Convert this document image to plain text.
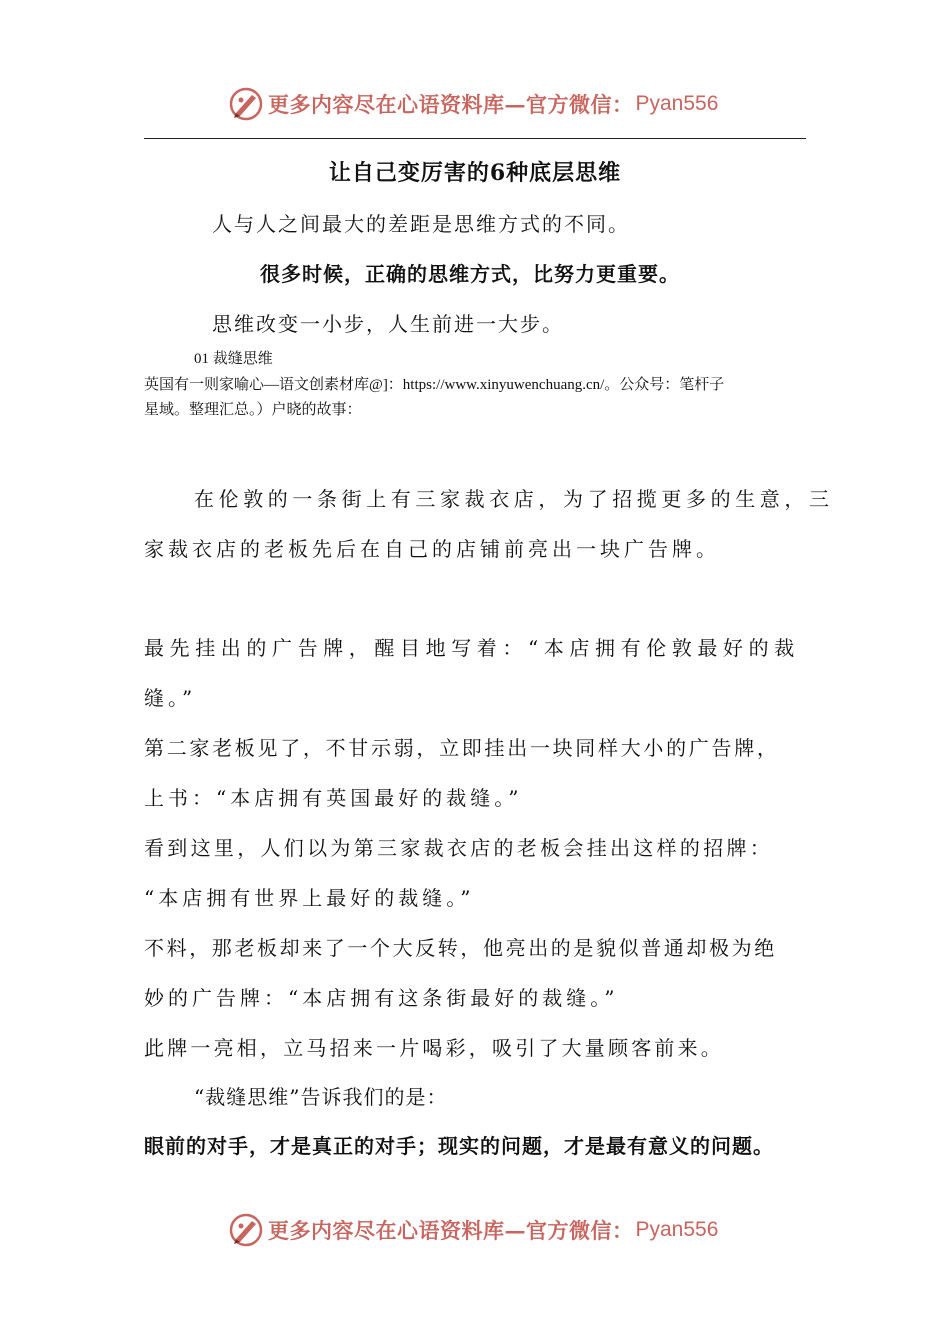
更多内容尽在心语资料库—官方微信： Pyan556
让自己变厉害的6种底层思维
人与人之间最大的差距是思维方式的不同。
很多时候，正确的思维方式，比努力更重要。
思维改变一小步，人生前进一大步。
01 裁缝思维
英国有一则家喻心—语文创素材库@]：https://www.xinyuwenchuang.cn/。公众号：笔杆子
星域。整理汇总。）户晓的故事：
在伦敦的一条街上有三家裁衣店，为了招揽更多的生意，三
家裁衣店的老板先后在自己的店铺前亮出一块广告牌。
最先挂出的广告牌，醒目地写着：“本店拥有伦敦最好的裁
缝。”
第二家老板见了，不甘示弱，立即挂出一块同样大小的广告牌，
上书：“本店拥有英国最好的裁缝。”
看到这里，人们以为第三家裁衣店的老板会挂出这样的招牌：
“本店拥有世界上最好的裁缝。”
不料，那老板却来了一个大反转，他亮出的是貌似普通却极为绝
妙的广告牌：“本店拥有这条街最好的裁缝。”
此牌一亮相，立马招来一片喝彩，吸引了大量顾客前来。
“裁缝思维”告诉我们的是：
眼前的对手，才是真正的对手；现实的问题，才是最有意义的问题。
更多内容尽在心语资料库—官方微信： Pyan556
